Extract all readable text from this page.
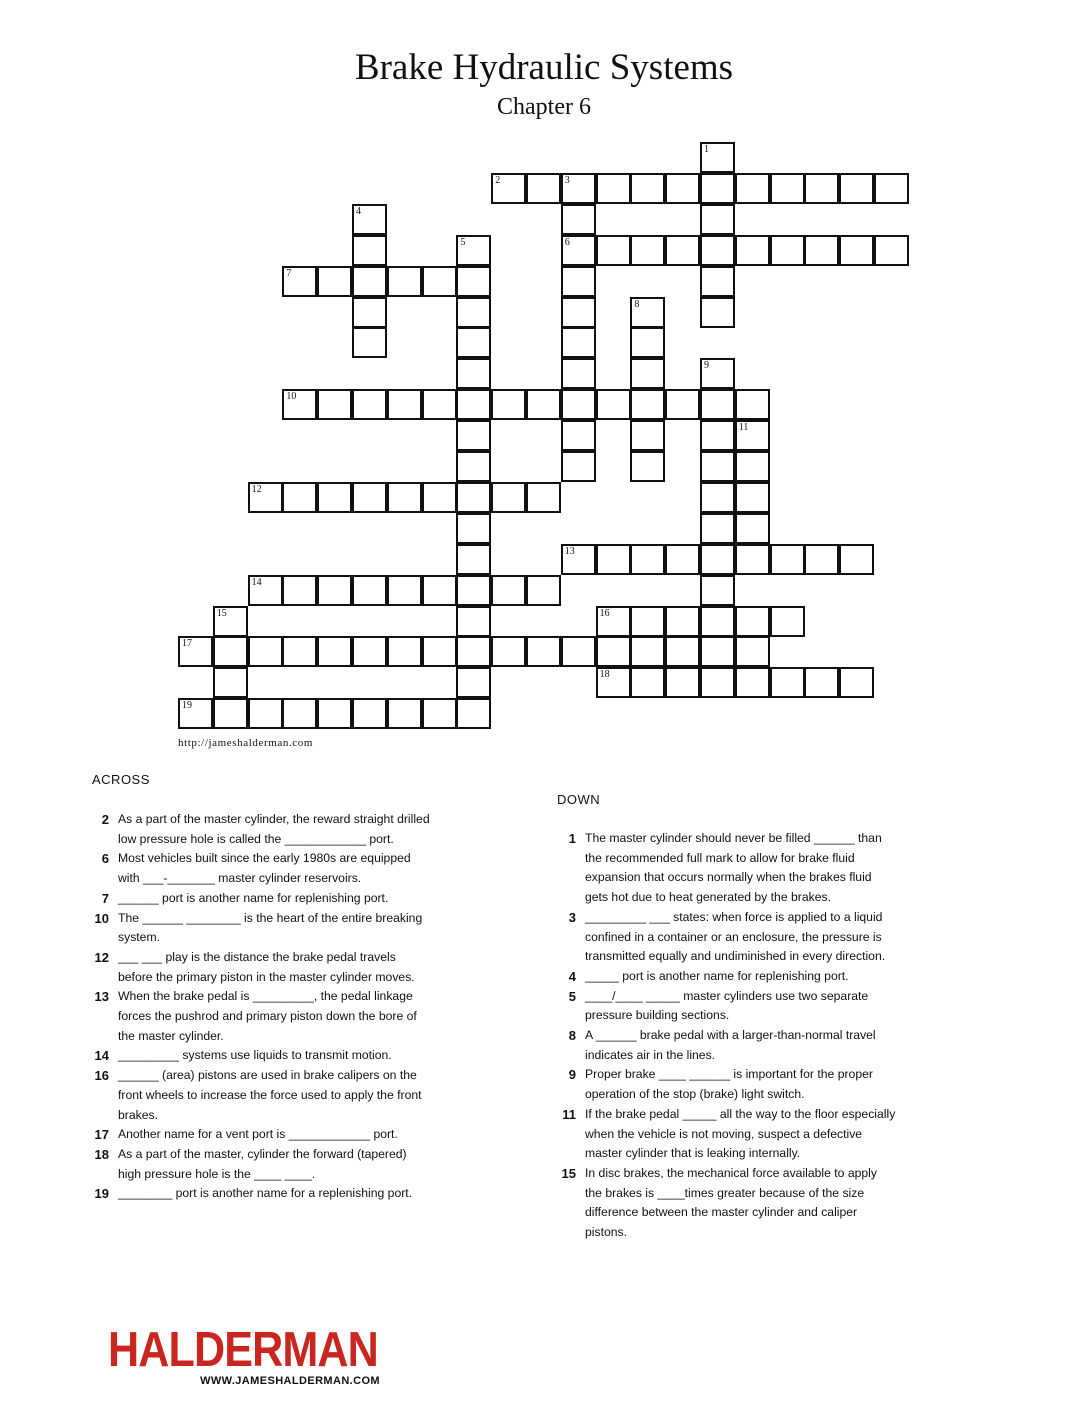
Brake Hydraulic Systems
Chapter 6
1
2	3
6
4
5
7
8
9
10
11
12
13
14
15	16
17
18
19
http://jameshalderman.com
ACROSS
2 As a part of the master cylinder, the reward straight drilled low pressure hole is called the ____________ port.
6 Most vehicles built since the early 1980s are equipped with ___-_______ master cylinder reservoirs.
7 ______ port is another name for replenishing port.
10 The ______ ________ is the heart of the entire breaking system.
12 ___ ___ play is the distance the brake pedal travels before the primary piston in the master cylinder moves.
13 When the brake pedal is _________, the pedal linkage forces the pushrod and primary piston down the bore of the master cylinder.
14 _________ systems use liquids to transmit motion.
16 ______ (area) pistons are used in brake calipers on the front wheels to increase the force used to apply the front brakes.
17 Another name for a vent port is ____________ port.
18 As a part of the master, cylinder the forward (tapered) high pressure hole is the ____ ____.
19 ________ port is another name for a replenishing port.
DOWN
1 The master cylinder should never be filled ______ than the recommended full mark to allow for brake fluid expansion that occurs normally when the brakes fluid gets hot due to heat generated by the brakes.
3 _________ ___ states: when force is applied to a liquid confined in a container or an enclosure, the pressure is transmitted equally and undiminished in every direction.
4 _____ port is another name for replenishing port.
5 ____/____ _____ master cylinders use two separate pressure building sections.
8 A ______ brake pedal with a larger-than-normal travel indicates air in the lines.
9 Proper brake ____ ______ is important for the proper operation of the stop (brake) light switch.
11 If the brake pedal _____ all the way to the floor especially when the vehicle is not moving, suspect a defective master cylinder that is leaking internally.
15 In disc brakes, the mechanical force available to apply the brakes is ____times greater because of the size difference between the master cylinder and caliper pistons.
HALDERMAN
WWW.JAMESHALDERMAN.COM
